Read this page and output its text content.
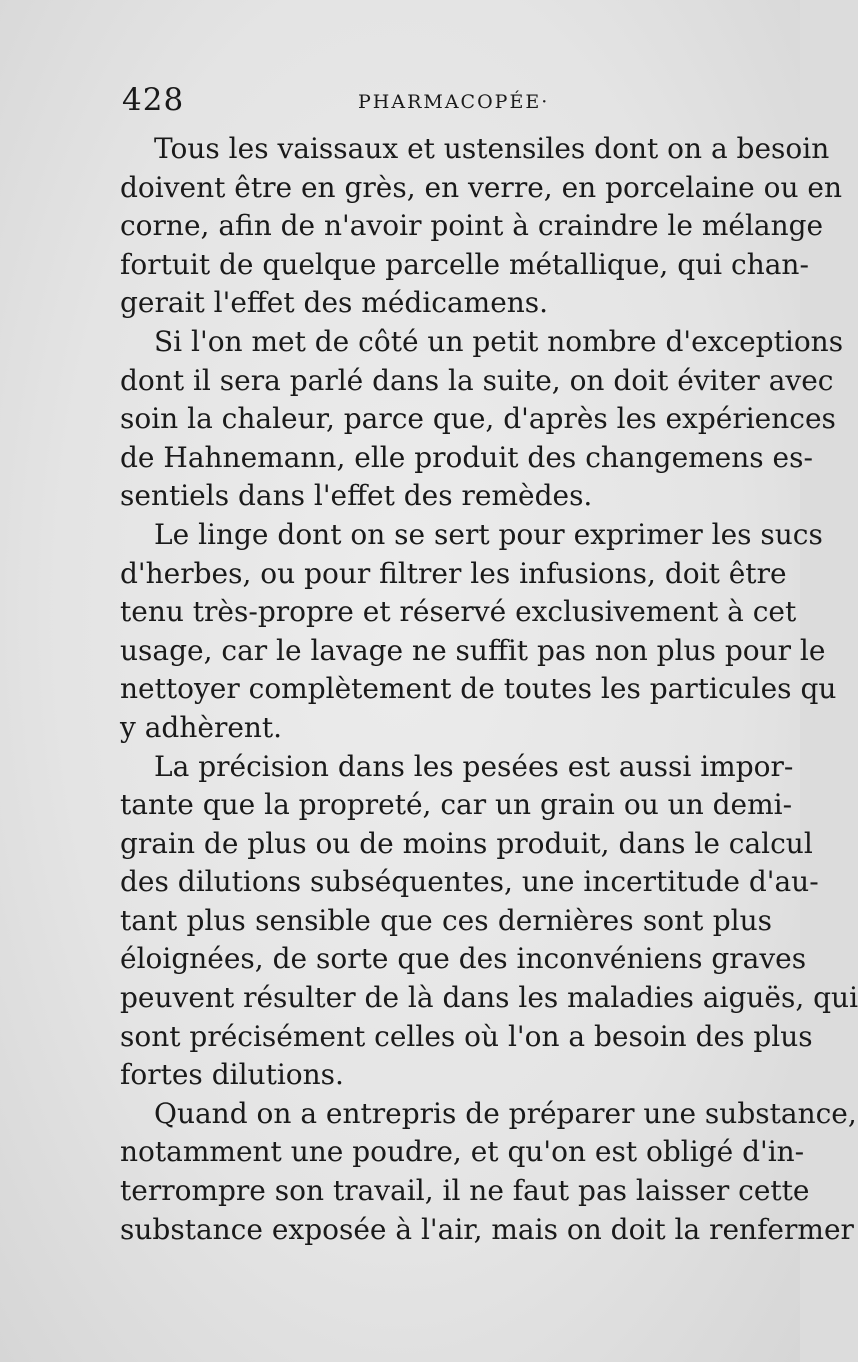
428	PHARMACOPÉE·
Tous les vaissaux et ustensiles dont on a besoin
doivent être en grès, en verre, en porcelaine ou en
corne, afin de n'avoir point à craindre le mélange
fortuit de quelque parcelle métallique, qui chan-
gerait l'effet des médicamens.
Si l'on met de côté un petit nombre d'exceptions
dont il sera parlé dans la suite, on doit éviter avec
soin la chaleur, parce que, d'après les expériences
de Hahnemann, elle produit des changemens es-
sentiels dans l'effet des remèdes.
Le linge dont on se sert pour exprimer les sucs
d'herbes, ou pour filtrer les infusions, doit être
tenu très-propre et réservé exclusivement à cet
usage, car le lavage ne suffit pas non plus pour le
nettoyer complètement de toutes les particules qu
y adhèrent.
La précision dans les pesées est aussi impor-
tante que la propreté, car un grain ou un demi-
grain de plus ou de moins produit, dans le calcul
des dilutions subséquentes, une incertitude d'au-
tant plus sensible que ces dernières sont plus
éloignées, de sorte que des inconvéniens graves
peuvent résulter de là dans les maladies aiguës, qui
sont précisément celles où l'on a besoin des plus
fortes dilutions.
Quand on a entrepris de préparer une substance,
notamment une poudre, et qu'on est obligé d'in-
terrompre son travail, il ne faut pas laisser cette
substance exposée à l'air, mais on doit la renfermer
